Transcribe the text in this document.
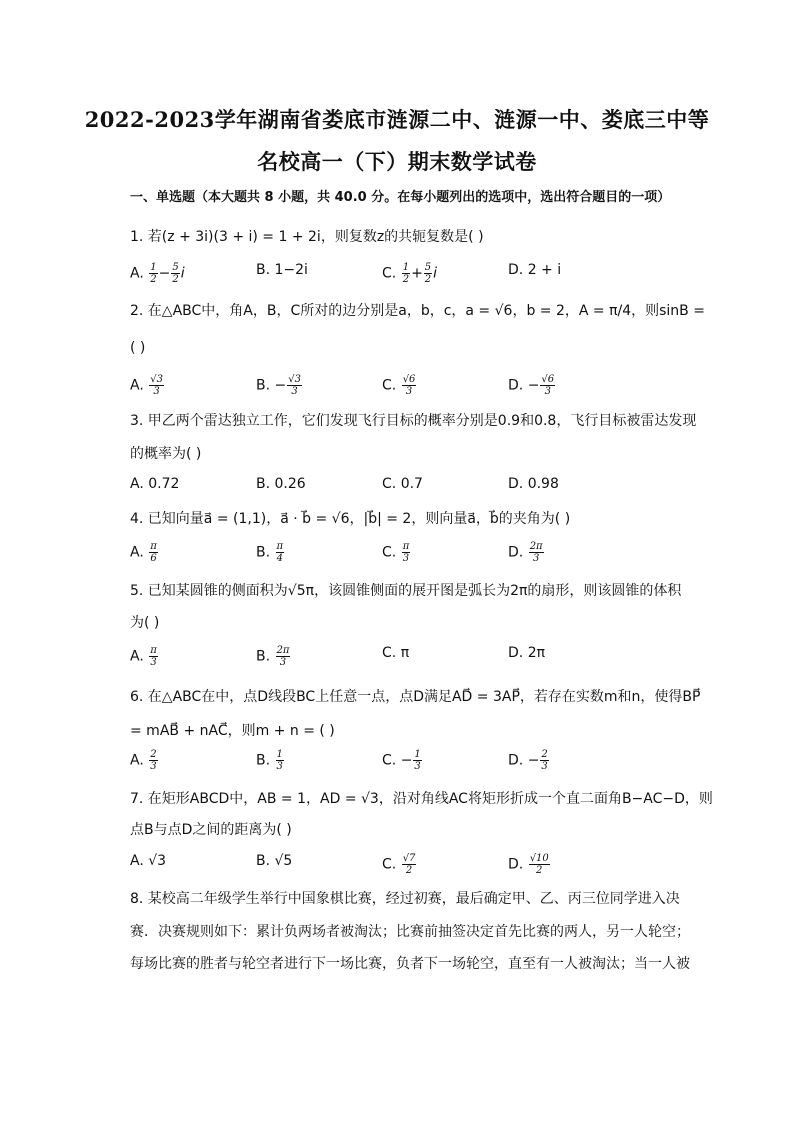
2022-2023学年湖南省娄底市涟源二中、涟源一中、娄底三中等
名校高一（下）期末数学试卷
一、单选题（本大题共 8 小题，共 40.0 分。在每小题列出的选项中，选出符合题目的一项）
1. 若(z + 3i)(3 + i) = 1 + 2i，则复数z的共轭复数是( )
A. $\frac{1}{2} - \frac{5}{2}$ i	B. 1−2i	C. $\frac{1}{2} + \frac{5}{2}$ i	D. 2 + i
2. 在△ABC中，角A，B，C所对的边分别是a，b，c，a = √6，b = 2，A = π/4，则sinB =
( )
A. $\frac{√3}{3}$	B. − $\frac{√3}{3}$	C. $\frac{√6}{3}$	D. − $\frac{√6}{3}$
3. 甲乙两个雷达独立工作，它们发现飞行目标的概率分别是0.9和0.8，飞行目标被雷达发现
的概率为( )
A. 0.72	B. 0.26	C. 0.7	D. 0.98
4. 已知向量a⃗ = (1,1)，a⃗ · b⃗ = √6，|b⃗| = 2，则向量a⃗，b⃗的夹角为( )
A. $\frac{\pi}{6}$	B. $\frac{\pi}{4}$	C. $\frac{\pi}{3}$	D. $\frac{2\pi}{3}$
5. 已知某圆锥的侧面积为√5π，该圆锥侧面的展开图是弧长为2π的扇形，则该圆锥的体积
为( )
A. $\frac{\pi}{3}$	B. $\frac{2\pi}{3}$	C. π	D. 2π
6. 在△ABC在中，点D线段BC上任意一点，点D满足AD⃗ = 3AP⃗，若存在实数m和n，使得BP⃗
= mAB⃗ + nAC⃗，则m + n = ( )
A. $\frac{2}{3}$	B. $\frac{1}{3}$	C. − $\frac{1}{3}$	D. − $\frac{2}{3}$
7. 在矩形ABCD中，AB = 1，AD = √3，沿对角线AC将矩形折成一个直二面角B−AC−D，则
点B与点D之间的距离为( )
A. √3	B. √5	C. $\frac{√7}{2}$	D. $\frac{√10}{2}$
8. 某校高二年级学生举行中国象棋比赛，经过初赛，最后确定甲、乙、丙三位同学进入决
赛．决赛规则如下：累计负两场者被淘汰；比赛前抽签决定首先比赛的两人，另一人轮空；
每场比赛的胜者与轮空者进行下一场比赛，负者下一场轮空，直至有一人被淘汰；当一人被
